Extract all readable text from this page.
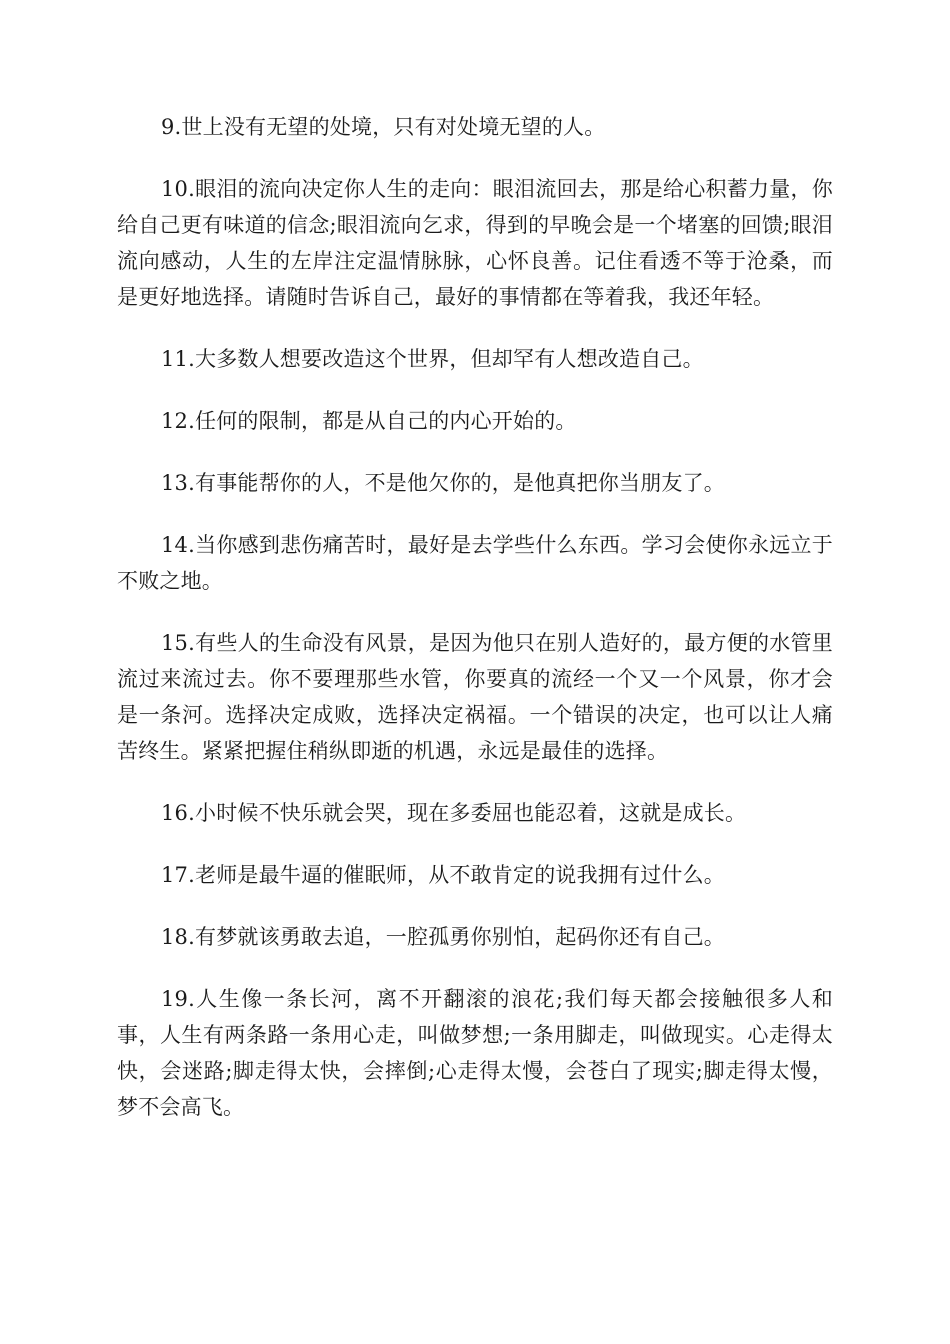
9.世上没有无望的处境，只有对处境无望的人。

10.眼泪的流向决定你人生的走向：眼泪流回去，那是给心积蓄力量，你给自己更有味道的信念;眼泪流向乞求，得到的早晚会是一个堵塞的回馈;眼泪流向感动，人生的左岸注定温情脉脉，心怀良善。记住看透不等于沧桑，而是更好地选择。请随时告诉自己，最好的事情都在等着我，我还年轻。

11.大多数人想要改造这个世界，但却罕有人想改造自己。

12.任何的限制，都是从自己的内心开始的。

13.有事能帮你的人，不是他欠你的，是他真把你当朋友了。

14.当你感到悲伤痛苦时，最好是去学些什么东西。学习会使你永远立于不败之地。

15.有些人的生命没有风景，是因为他只在别人造好的，最方便的水管里流过来流过去。你不要理那些水管，你要真的流经一个又一个风景，你才会是一条河。选择决定成败，选择决定祸福。一个错误的决定，也可以让人痛苦终生。紧紧把握住稍纵即逝的机遇，永远是最佳的选择。

16.小时候不快乐就会哭，现在多委屈也能忍着，这就是成长。

17.老师是最牛逼的催眠师，从不敢肯定的说我拥有过什么。

18.有梦就该勇敢去追，一腔孤勇你别怕，起码你还有自己。

19.人生像一条长河，离不开翻滚的浪花;我们每天都会接触很多人和事，人生有两条路一条用心走，叫做梦想;一条用脚走，叫做现实。心走得太快，会迷路;脚走得太快，会摔倒;心走得太慢，会苍白了现实;脚走得太慢，梦不会高飞。
